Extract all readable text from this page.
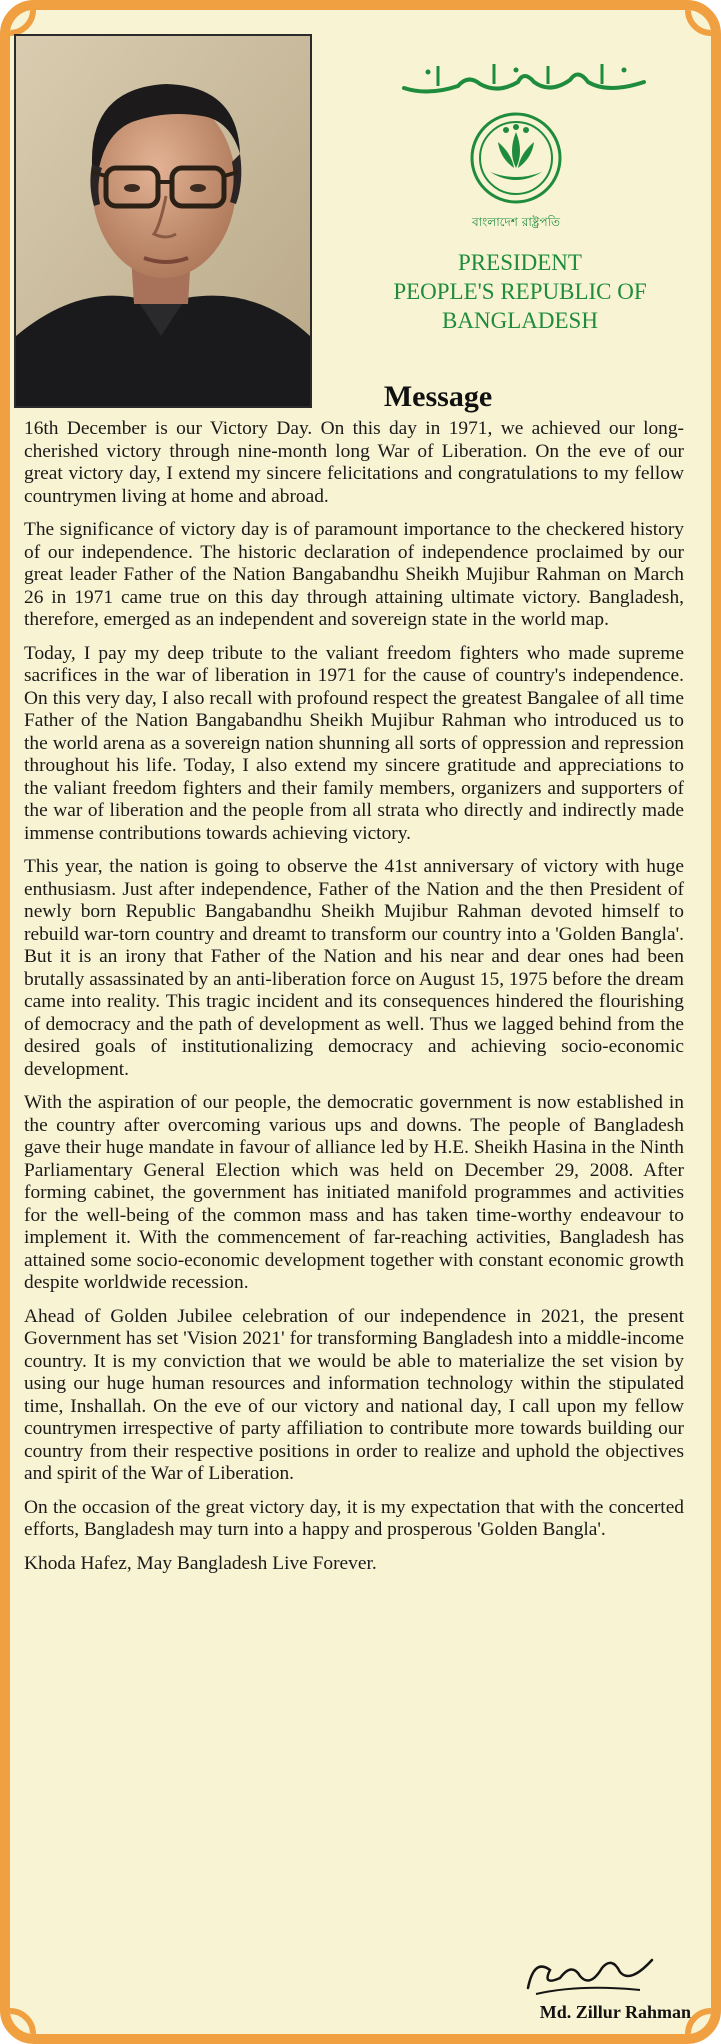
বাংলাদেশ রাষ্ট্রপতি
PRESIDENT
PEOPLE'S REPUBLIC OF
BANGLADESH
Message

16th December is our Victory Day. On this day in 1971, we achieved our long-cherished victory through nine-month long War of Liberation. On the eve of our great victory day, I extend my sincere felicitations and congratulations to my fellow countrymen living at home and abroad.

The significance of victory day is of paramount importance to the checkered history of our independence. The historic declaration of independence proclaimed by our great leader Father of the Nation Bangabandhu Sheikh Mujibur Rahman on March 26 in 1971 came true on this day through attaining ultimate victory. Bangladesh, therefore, emerged as an independent and sovereign state in the world map.

Today, I pay my deep tribute to the valiant freedom fighters who made supreme sacrifices in the war of liberation in 1971 for the cause of country's independence. On this very day, I also recall with profound respect the greatest Bangalee of all time Father of the Nation Bangabandhu Sheikh Mujibur Rahman who introduced us to the world arena as a sovereign nation shunning all sorts of oppression and repression throughout his life. Today, I also extend my sincere gratitude and appreciations to the valiant freedom fighters and their family members, organizers and supporters of the war of liberation and the people from all strata who directly and indirectly made immense contributions towards achieving victory.

This year, the nation is going to observe the 41st anniversary of victory with huge enthusiasm. Just after independence, Father of the Nation and the then President of newly born Republic Bangabandhu Sheikh Mujibur Rahman devoted himself to rebuild war-torn country and dreamt to transform our country into a 'Golden Bangla'. But it is an irony that Father of the Nation and his near and dear ones had been brutally assassinated by an anti-liberation force on August 15, 1975 before the dream came into reality. This tragic incident and its consequences hindered the flourishing of democracy and the path of development as well. Thus we lagged behind from the desired goals of institutionalizing democracy and achieving socio-economic development.

With the aspiration of our people, the democratic government is now established in the country after overcoming various ups and downs. The people of Bangladesh gave their huge mandate in favour of alliance led by H.E. Sheikh Hasina in the Ninth Parliamentary General Election which was held on December 29, 2008. After forming cabinet, the government has initiated manifold programmes and activities for the well-being of the common mass and has taken time-worthy endeavour to implement it. With the commencement of far-reaching activities, Bangladesh has attained some socio-economic development together with constant economic growth despite worldwide recession.

Ahead of Golden Jubilee celebration of our independence in 2021, the present Government has set 'Vision 2021' for transforming Bangladesh into a middle-income country. It is my conviction that we would be able to materialize the set vision by using our huge human resources and information technology within the stipulated time, Inshallah. On the eve of our victory and national day, I call upon my fellow countrymen irrespective of party affiliation to contribute more towards building our country from their respective positions in order to realize and uphold the objectives and spirit of the War of Liberation.

On the occasion of the great victory day, it is my expectation that with the concerted efforts, Bangladesh may turn into a happy and prosperous 'Golden Bangla'.

Khoda Hafez, May Bangladesh Live Forever.

Md. Zillur Rahman
